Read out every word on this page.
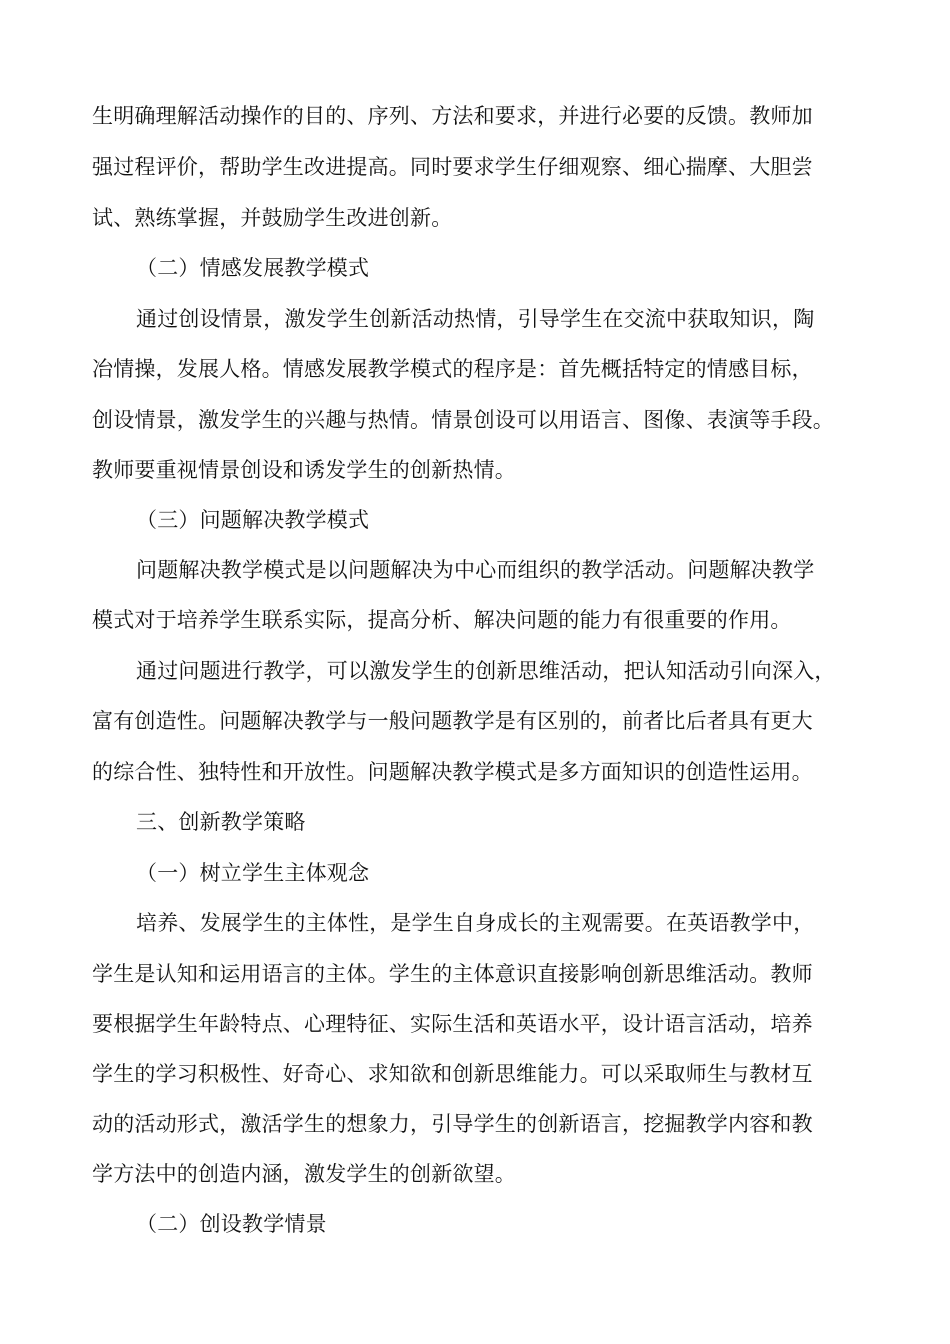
生明确理解活动操作的目的、序列、方法和要求，并进行必要的反馈。教师加
强过程评价，帮助学生改进提高。同时要求学生仔细观察、细心揣摩、大胆尝
试、熟练掌握，并鼓励学生改进创新。
（二）情感发展教学模式
通过创设情景，激发学生创新活动热情，引导学生在交流中获取知识，陶
冶情操，发展人格。情感发展教学模式的程序是：首先概括特定的情感目标，
创设情景，激发学生的兴趣与热情。情景创设可以用语言、图像、表演等手段。
教师要重视情景创设和诱发学生的创新热情。
（三）问题解决教学模式
问题解决教学模式是以问题解决为中心而组织的教学活动。问题解决教学
模式对于培养学生联系实际，提高分析、解决问题的能力有很重要的作用。
通过问题进行教学，可以激发学生的创新思维活动，把认知活动引向深入，
富有创造性。问题解决教学与一般问题教学是有区别的，前者比后者具有更大
的综合性、独特性和开放性。问题解决教学模式是多方面知识的创造性运用。
三、创新教学策略
（一）树立学生主体观念
培养、发展学生的主体性，是学生自身成长的主观需要。在英语教学中，
学生是认知和运用语言的主体。学生的主体意识直接影响创新思维活动。教师
要根据学生年龄特点、心理特征、实际生活和英语水平，设计语言活动，培养
学生的学习积极性、好奇心、求知欲和创新思维能力。可以采取师生与教材互
动的活动形式，激活学生的想象力，引导学生的创新语言，挖掘教学内容和教
学方法中的创造内涵，激发学生的创新欲望。
（二）创设教学情景
